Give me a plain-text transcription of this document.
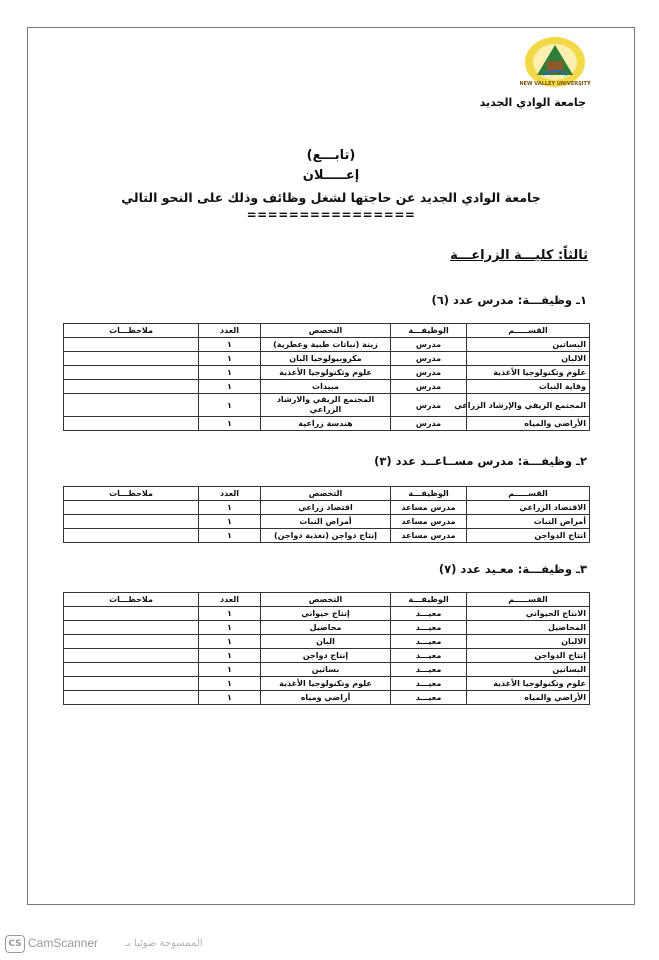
NEW VALLEY UNIVERSITY
جامعة الوادي الجديد
(تابـــع)
إعـــــلان
جامعة الوادي الجديد عن حاجتها لشغل وظائف وذلك على النحو التالي
================
ثالثاً: كليـــة الزراعـــة
١ـ وظيفـــة: مدرس عدد (٦)
القســـــم	الوظيفـــة	التخصص	العدد	ملاحظـــات
البساتين	مدرس	زينة (نباتات طبية وعطرية)	١	
الالبان	مدرس	مكروبيولوجيا البان	١	
علوم وتكنولوجيا الأغذية	مدرس	علوم وتكنولوجيا الأغذية	١	
وقاية النبات	مدرس	مبيدات	١	
المجتمع الريفي والإرشاد الزراعي	مدرس	المجتمع الريفي والارشاد الزراعي	١	
الأراضي والمياه	مدرس	هندسة زراعية	١	
٢ـ وظيفـــة: مدرس مســاعــد عدد (٣)
القســـــم	الوظيفـــة	التخصص	العدد	ملاحظـــات
الاقتصاد الزراعي	مدرس مساعد	اقتصاد زراعي	١	
أمراض النبات	مدرس مساعد	أمراض النبات	١	
انتاج الدواجن	مدرس مساعد	إنتاج دواجن (تغذية دواجن)	١	
٣ـ وظيفـــة: معـيد عدد (٧)
القســـــم	الوظيفـــة	التخصص	العدد	ملاحظـــات
الانتاج الحيواني	معيـــد	إنتاج حيواني	١	
المحاصيل	معيـــد	محاصيل	١	
الالبان	معيـــد	البان	١	
إنتاج الدواجن	معيـــد	إنتاج دواجن	١	
البساتين	معيـــد	بساتين	١	
علوم وتكنولوجيا الأغذية	معيـــد	علوم وتكنولوجيا الأغذية	١	
الأراضي والمياه	معيـــد	أراضي ومياه	١	
CS CamScanner	الممسوحة ضوئيا بـ
